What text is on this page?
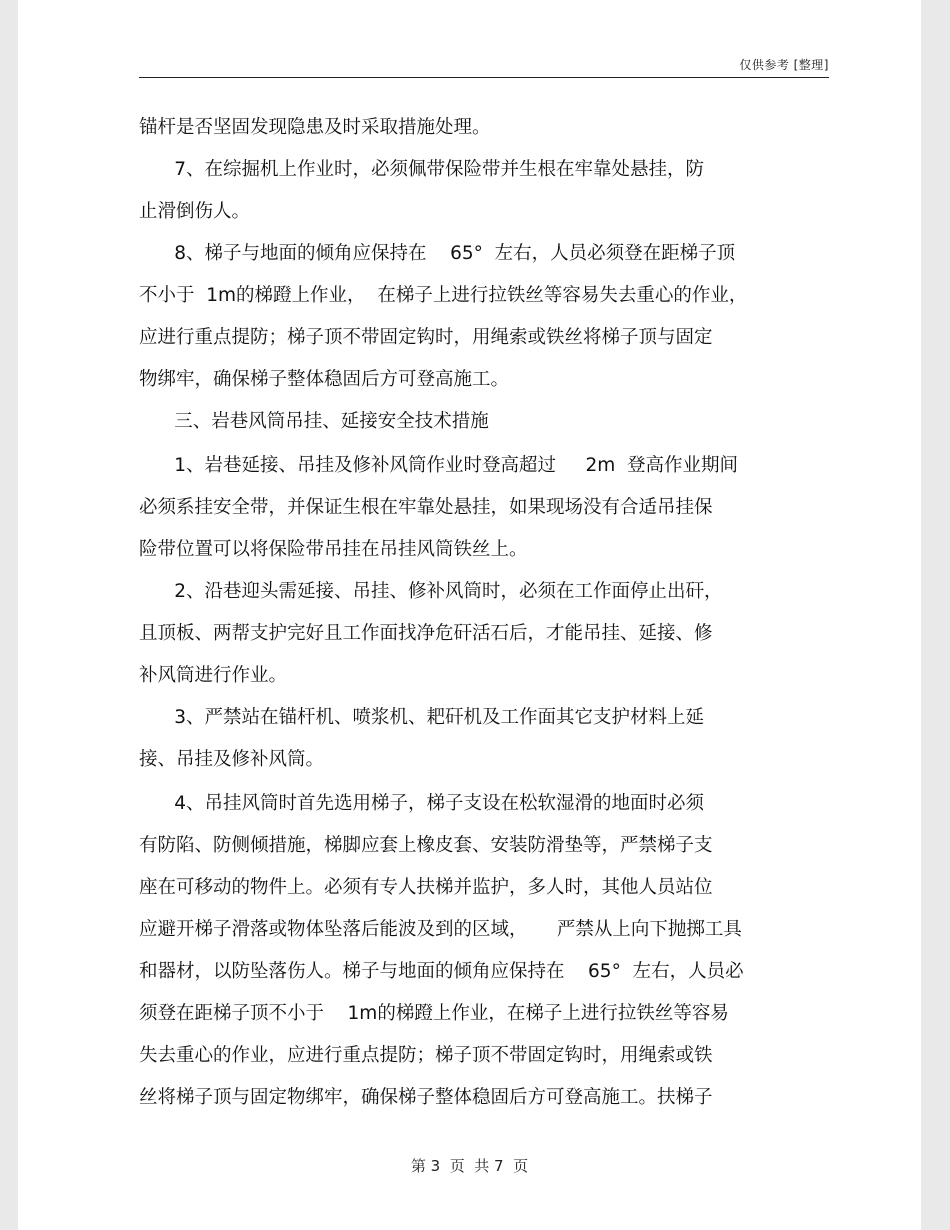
仅供参考 [整理]
锚杆是否坚固发现隐患及时采取措施处理。
7、在综掘机上作业时，必须佩带保险带并生根在牢靠处悬挂，防
止滑倒伤人。
8、梯子与地面的倾角应保持在    65°  左右，人员必须登在距梯子顶
不小于  1m的梯蹬上作业，  在梯子上进行拉铁丝等容易失去重心的作业，
应进行重点提防；梯子顶不带固定钩时，用绳索或铁丝将梯子顶与固定
物绑牢，确保梯子整体稳固后方可登高施工。
三、岩巷风筒吊挂、延接安全技术措施
1、岩巷延接、吊挂及修补风筒作业时登高超过     2m  登高作业期间
必须系挂安全带，并保证生根在牢靠处悬挂，如果现场没有合适吊挂保
险带位置可以将保险带吊挂在吊挂风筒铁丝上。
2、沿巷迎头需延接、吊挂、修补风筒时，必须在工作面停止出矸，
且顶板、两帮支护完好且工作面找净危矸活石后，才能吊挂、延接、修
补风筒进行作业。
3、严禁站在锚杆机、喷浆机、耙矸机及工作面其它支护材料上延
接、吊挂及修补风筒。
4、吊挂风筒时首先选用梯子，梯子支设在松软湿滑的地面时必须
有防陷、防侧倾措施，梯脚应套上橡皮套、安装防滑垫等，严禁梯子支
座在可移动的物件上。必须有专人扶梯并监护，多人时，其他人员站位
应避开梯子滑落或物体坠落后能波及到的区域，     严禁从上向下抛掷工具
和器材，以防坠落伤人。梯子与地面的倾角应保持在    65°  左右，人员必
须登在距梯子顶不小于    1m的梯蹬上作业，在梯子上进行拉铁丝等容易
失去重心的作业，应进行重点提防；梯子顶不带固定钩时，用绳索或铁
丝将梯子顶与固定物绑牢，确保梯子整体稳固后方可登高施工。扶梯子
第 3  页  共 7  页
